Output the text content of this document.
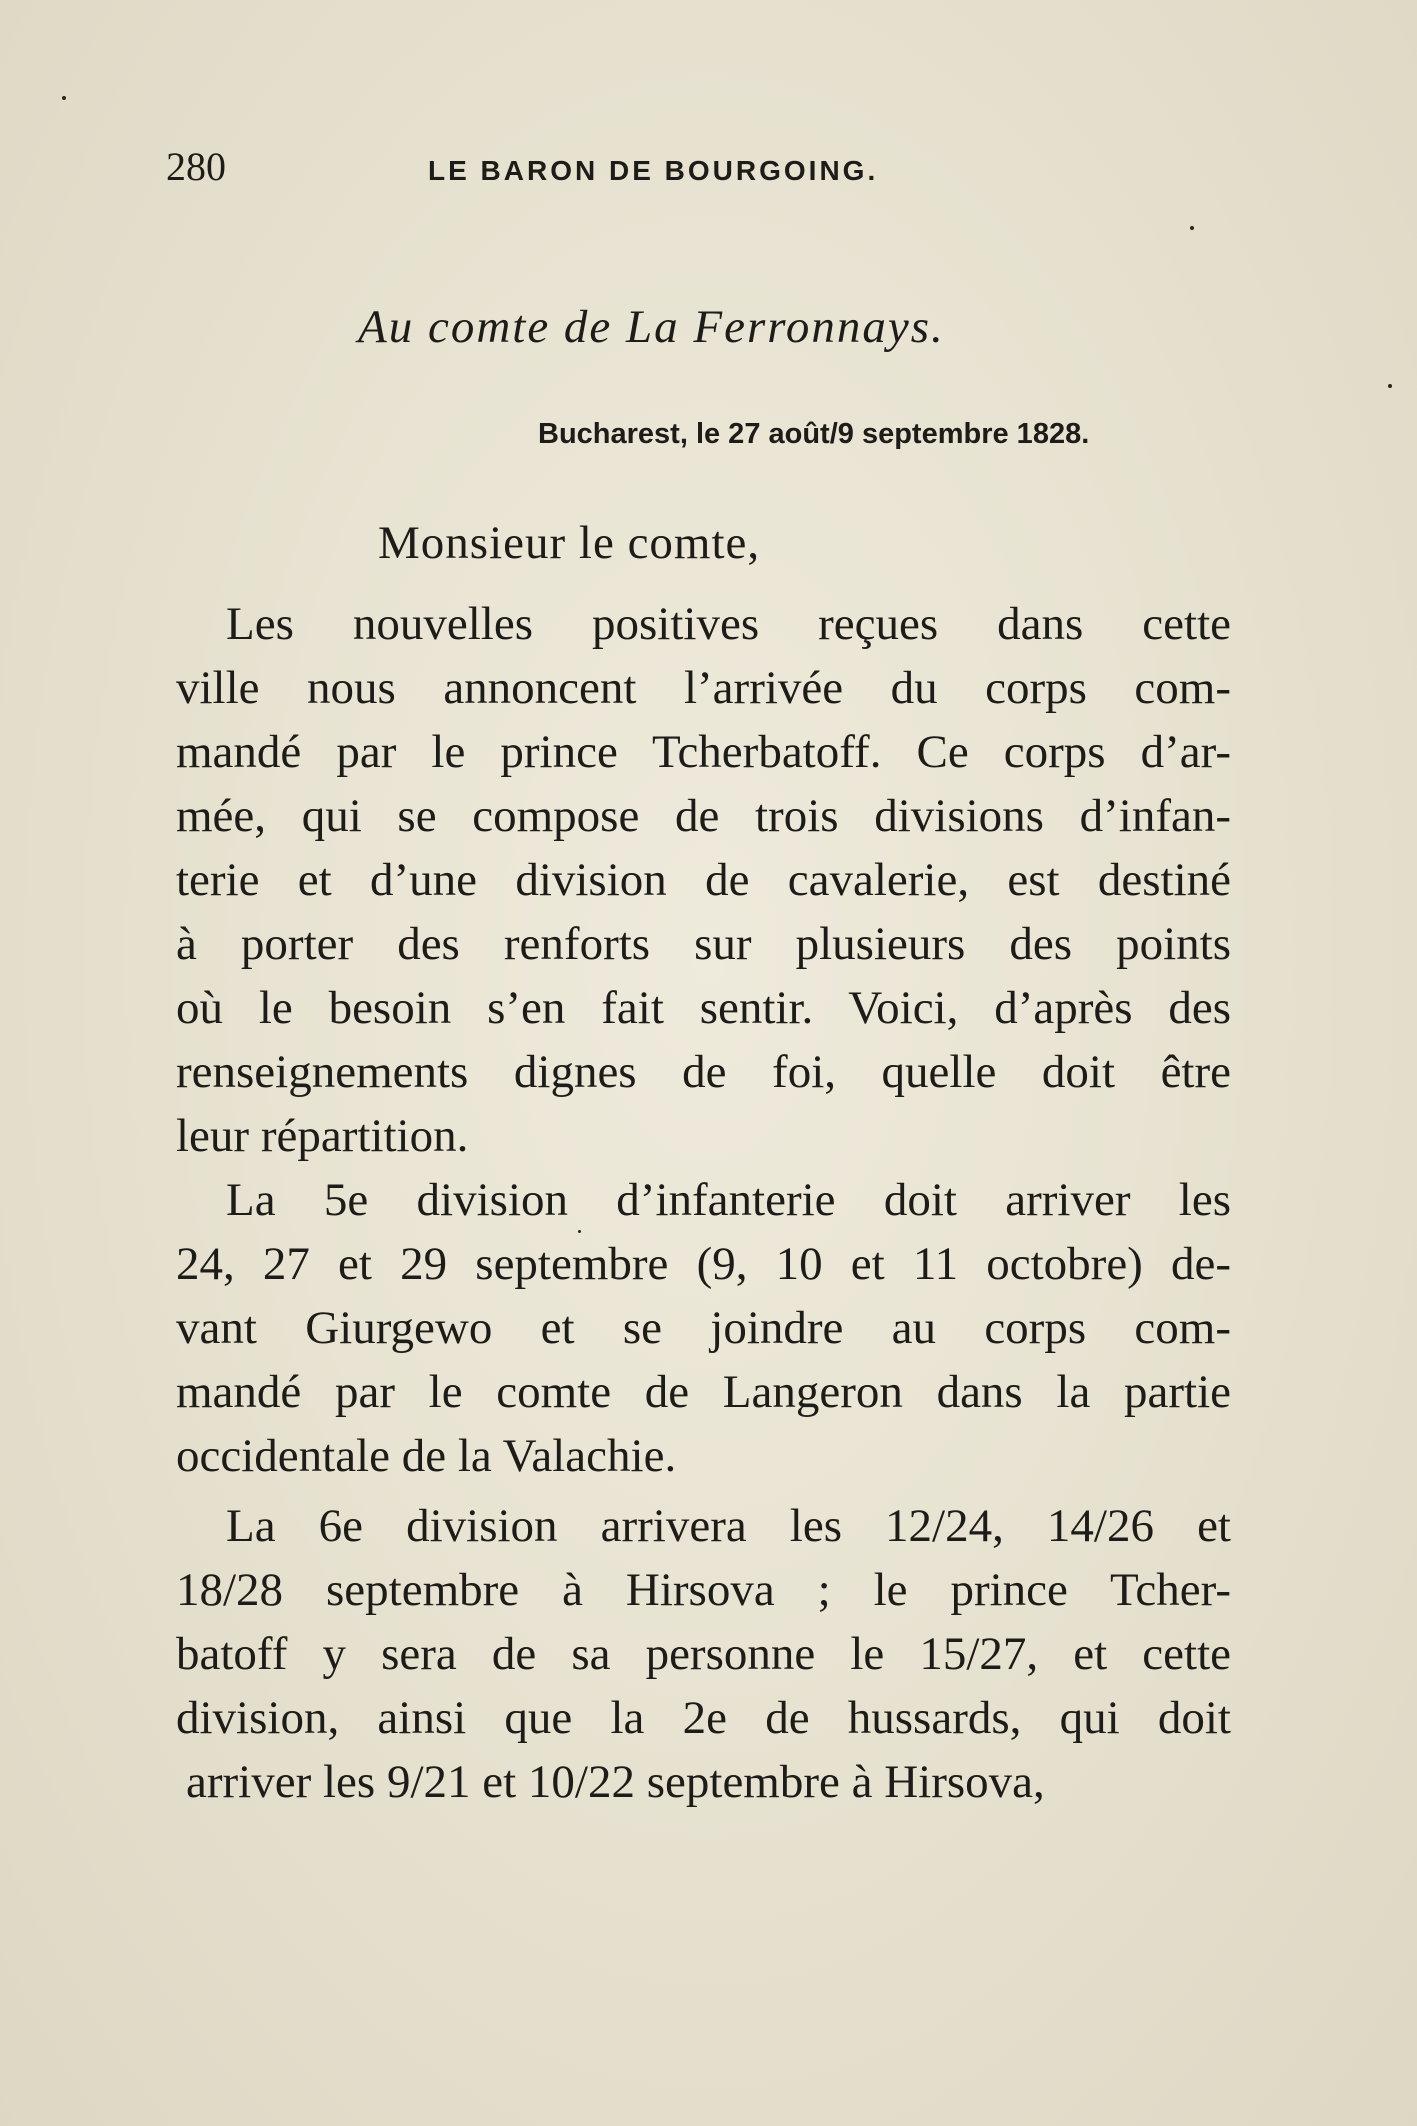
280	LE BARON DE BOURGOING.
Au comte de La Ferronnays.
Bucharest, le 27 août/9 septembre 1828.
Monsieur le comte,
Les nouvelles positives reçues dans cette
ville nous annoncent l’arrivée du corps com-
mandé par le prince Tcherbatoff. Ce corps d’ar-
mée, qui se compose de trois divisions d’infan-
terie et d’une division de cavalerie, est destiné
à porter des renforts sur plusieurs des points
où le besoin s’en fait sentir. Voici, d’après des
renseignements dignes de foi, quelle doit être
leur répartition.
La 5e division d’infanterie doit arriver les
24, 27 et 29 septembre (9, 10 et 11 octobre) de-
vant Giurgewo et se joindre au corps com-
mandé par le comte de Langeron dans la partie
occidentale de la Valachie.
La 6e division arrivera les 12/24, 14/26 et
18/28 septembre à Hirsova ; le prince Tcher-
batoff y sera de sa personne le 15/27, et cette
division, ainsi que la 2e de hussards, qui doit
arriver les 9/21 et 10/22 septembre à Hirsova,
